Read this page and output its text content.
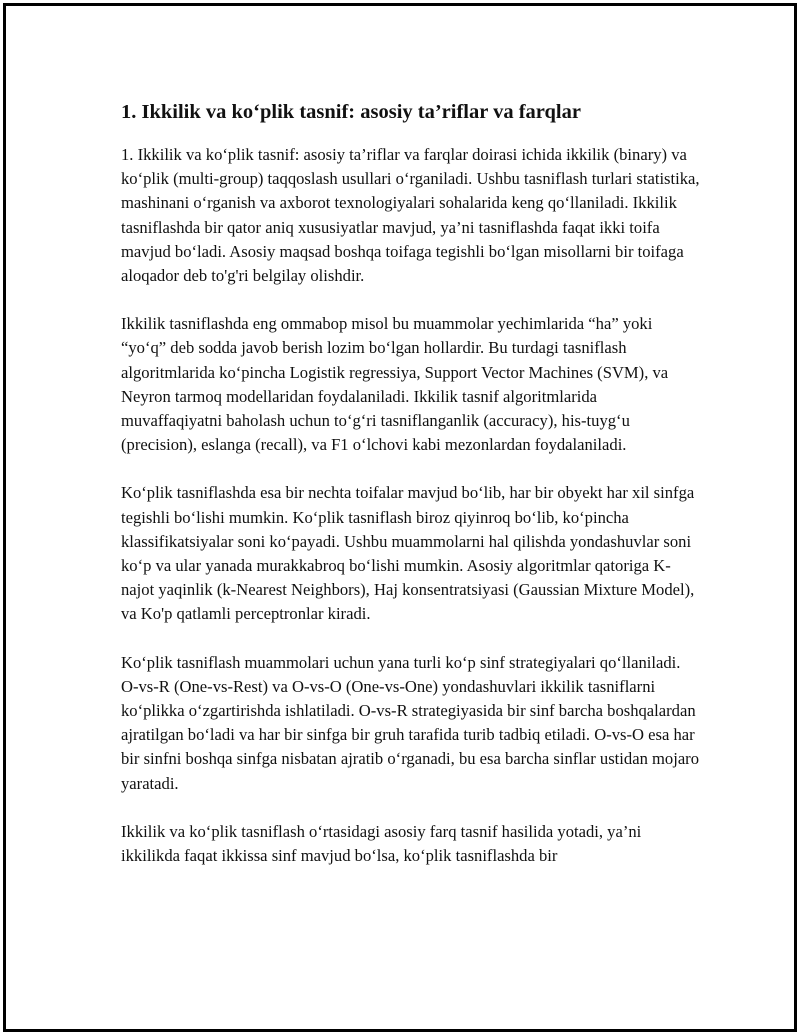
1. Ikkilik va ko‘plik tasnif: asosiy ta’riflar va farqlar

1. Ikkilik va ko‘plik tasnif: asosiy ta’riflar va farqlar doirasi ichida ikkilik (binary) va ko‘plik (multi-group) taqqoslash usullari o‘rganiladi. Ushbu tasniflash turlari statistika, mashinani o‘rganish va axborot texnologiyalari sohalarida keng qo‘llaniladi. Ikkilik tasniflashda bir qator aniq xususiyatlar mavjud, ya’ni tasniflashda faqat ikki toifa mavjud bo‘ladi. Asosiy maqsad boshqa toifaga tegishli bo‘lgan misollarni bir toifaga aloqador deb to'g'ri belgilay olishdir.

Ikkilik tasniflashda eng ommabop misol bu muammolar yechimlarida “ha” yoki “yo‘q” deb sodda javob berish lozim bo‘lgan hollardir. Bu turdagi tasniflash algoritmlarida ko‘pincha Logistik regressiya, Support Vector Machines (SVM), va Neyron tarmoq modellaridan foydalaniladi. Ikkilik tasnif algoritmlarida muvaffaqiyatni baholash uchun to‘g‘ri tasniflanganlik (accuracy), his-tuyg‘u (precision), eslanga (recall), va F1 o‘lchovi kabi mezonlardan foydalaniladi.

Ko‘plik tasniflashda esa bir nechta toifalar mavjud bo‘lib, har bir obyekt har xil sinfga tegishli bo‘lishi mumkin. Ko‘plik tasniflash biroz qiyinroq bo‘lib, ko‘pincha klassifikatsiyalar soni ko‘payadi. Ushbu muammolarni hal qilishda yondashuvlar soni ko‘p va ular yanada murakkabroq bo‘lishi mumkin. Asosiy algoritmlar qatoriga K-najot yaqinlik (k-Nearest Neighbors), Haj konsentratsiyasi (Gaussian Mixture Model), va Ko'p qatlamli perceptronlar kiradi.

Ko‘plik tasniflash muammolari uchun yana turli ko‘p sinf strategiyalari qo‘llaniladi. O-vs-R (One-vs-Rest) va O-vs-O (One-vs-One) yondashuvlari ikkilik tasniflarni ko‘plikka o‘zgartirishda ishlatiladi. O-vs-R strategiyasida bir sinf barcha boshqalardan ajratilgan bo‘ladi va har bir sinfga bir gruh tarafida turib tadbiq etiladi. O-vs-O esa har bir sinfni boshqa sinfga nisbatan ajratib o‘rganadi, bu esa barcha sinflar ustidan mojaro yaratadi.

Ikkilik va ko‘plik tasniflash o‘rtasidagi asosiy farq tasnif hasilida yotadi, ya’ni ikkilikda faqat ikkissa sinf mavjud bo‘lsa, ko‘plik tasniflashda bir
